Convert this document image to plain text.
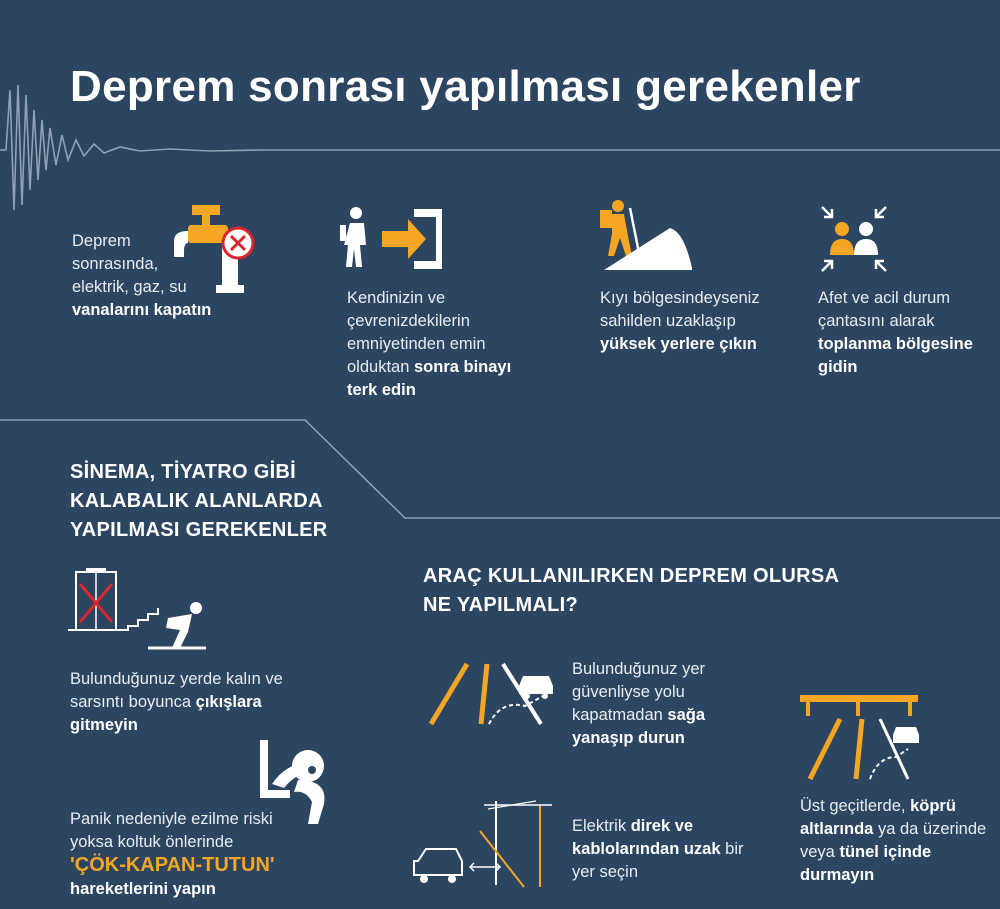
Deprem sonrası yapılması gerekenler
Deprem sonrasında, elektrik, gaz, su vanalarını kapatın
Kendinizin ve çevrenizdekilerin emniyetinden emin olduktan sonra binayı terk edin
Kıyı bölgesindeyseniz sahilden uzaklaşıp yüksek yerlere çıkın
Afet ve acil durum çantasını alarak toplanma bölgesine gidin
SİNEMA, TİYATRO GİBİ KALABALIK ALANLARDA YAPILMASI GEREKENLER
Bulunduğunuz yerde kalın ve sarsıntı boyunca çıkışlara gitmeyin
Panik nedeniyle ezilme riski yoksa koltuk önlerinde
'ÇÖK-KAPAN-TUTUN'
hareketlerini yapın
ARAÇ KULLANILIRKEN DEPREM OLURSA NE YAPILMALI?
Bulunduğunuz yer güvenliyse yolu kapatmadan sağa yanaşıp durun
Üst geçitlerde, köprü altlarında ya da üzerinde veya tünel içinde durmayın
Elektrik direk ve kablolarından uzak bir yer seçin
